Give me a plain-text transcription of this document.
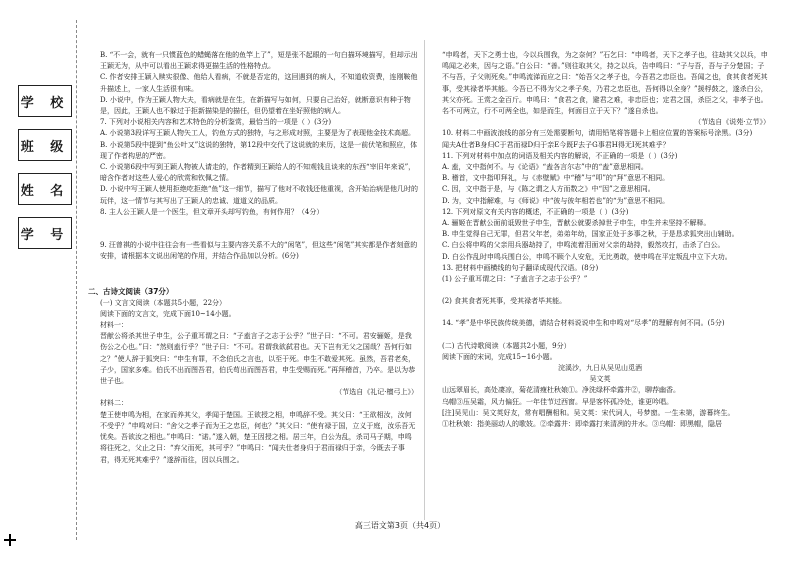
学 校
班 级
姓 名
学 号

B. “不一会，就有一只惯蓝色的蜡蝇落在他的鱼竿上了”，短是张不起眼的一句白描环境描写，但却示出王颖无为，从中可以看出王颖求得更描生活的性格特点。

C. 作者安排王颖入赎实很像、他给人看病，不就是否定的，这回遇到的病人，不知道收资费，连刚鞍他升描述上，一家人生活很有味。

D. 小说中，作为王颖人物大夫，看病就是在生，在新描写与如何，只要自己治好，就断意识有种于物是，因此，王颖人也不躲过于拒新描染是的描任，但仍望着在坐好照他的病人。

7. 下列对小说相关内容和艺术特色的分析鉴赏，最恰当的一项是（ ）(3分)

A. 小说第3段详写王颖人物矢工人，钓鱼方式的独特，与之形成对照，主要是为了表现他金技术高超。

B. 小说第5段中提到“鱼公叶又”这说的独特，第12段中交代了这说就的来历，这是一前伏笔和照应，体现了作者构思的严密。

C. 小说第6段中写到王颖人物被人请走的，作者精到王颖给人的不知观钱且谈来的东西“宰旧年来说”，暗含作者对这些人爱心的欣赏和钦佩之情。

D. 小说中写王颖人使用拒绝吃拒绝“鱼”这一细节，描写了他对不收钱还他重视，含开始治病是他几时的玩伴，这一情节与其写出了王颖人的忠诚、道道义的品质。

8. 主人公王颖人是一个医生，但文章开头却写钓鱼，有何作用？（4分）

9. 汪曾祺的小说中往往会有一些看似与主要内容关系不大的“闲笔”，但这些“闲笔”其实都是作者刻意的安排，请根据本文说出闲笔的作用，并结合作品加以分析。(6分)

二、古诗文阅读（37分）

(一) 文言文阅读（本题共5小题，22分）

阅读下面的文言文，完成下面10~14小题。

材料一：

晋献公将杀其世子申生，公子重耳谓之曰：“子盍言子之志于公乎？”世子曰：“不可。君安骊姬，是我伤公之心也。”曰：“然则盍行乎？”世子曰：“不可。君谓我欲弑君也。天下岂有无父之国哉？吾何行如之？”使人辞于狐突曰：“申生有罪，不念伯氏之言也，以至于死。申生不敢爱其死。虽然，吾君老矣，子少，国家多难。伯氏不出而图吾君，伯氏苟出而图吾君，申生受赐而死。”再拜稽首，乃卒。是以为恭世子也。

（节选自《礼记·檀弓上》）

材料二：

楚王使申鸣为相，在家而养其父，孝闻于楚国。王欲授之相，申鸣辞不受。其父曰：“王欲相汝，汝何不受乎？”申鸣对曰：“舍父之孝子而为王之忠臣，何也？”其父曰：“使有禄于国，立义于庭，汝乐吾无忧矣。吾欲汝之相也。”申鸣曰：“诺。”遂入朝，楚王因授之相。居三年，白公为乱，杀司马子期，申鸣将往死之，父止之曰：“弃父而死，其可乎？”申鸣曰：“闻夫仕者身归于君而禄归于亲，今既去子事君，得无死其难乎？”遂辞而往，因以兵围之。

“申鸣者，天下之勇士也，今以兵围我，为之奈何？”石乞曰：“申鸣者，天下之孝子也，往劫其父以兵，申鸣闻之必来，因与之语。”白公曰：“善。”则往取其父，持之以兵，告申鸣曰：“子与吾，吾与子分楚国；子不与吾，子父则死矣。”申鸣流涕而应之曰：“始吾父之孝子也，今吾君之忠臣也。吾闻之也，食其食者死其事，受其禄者毕其能。今吾已不得为父之孝子矣，乃君之忠臣也，吾何得以全身？”援桴鼓之，遂杀白公，其父亦死。王赏之金百斤。申鸣曰：“食君之食，避君之难，非忠臣也；定君之国，杀臣之父，非孝子也。名不可两立，行不可两全也，如是而生，何面目立于天下？”遂自杀也。

（节选自《说苑·立节》）

10. 材料二中画波浪线的部分有三处需要断句，请用铅笔将答题卡上相应位置的答案标号涂黑。(3分)

闻夫A仕者B身归C于君而禄D归于亲E今既F去子G事君H得无I死其难乎？

11. 下列对材料中加点的词语及相关内容的解说，不正确的一项是（ ）(3分)

A. 盍，文中指何不。与《论语》“盍各言尔志”中的“盍”意思相同。

B. 稽首，文中指叩拜礼，与《赤壁赋》中“稽”与“叩”的“拜”意思不相同。

C. 因，文中指于是，与《陈之谓之人方而数之》中“因”之意思相同。

D. 为，文中指解难，与《师说》中“彼与彼年相若也”的“为”意思不相同。

12. 下列对原文有关内容的概述，不正确的一项是（ ）(3分)

A. 骊姬在晋献公面前诋毁世子申生，晋献公就要杀掉世子申生，申生并未坚持不解释。

B. 申生觉得自己无罪，但君父年老，弟弟年幼，国家正处于多事之秋，于是恳求狐突出山辅助。

C. 白公将申鸣的父亲用兵器劫持了，申鸣流着泪面对父亲的劫持，毅然攻打，击杀了白公。

D. 白公作乱时申鸣兵围白公，申鸣不顾个人安危，无比勇敢，使申鸣在平定叛乱中立下大功。

13. 把材料中画横线的句子翻译成现代汉语。(8分)

(1) 公子重耳谓之曰：“子盍言子之志于公乎？”

(2) 食其食者死其事，受其禄者毕其能。

14. “孝”是中华民族传统美德，请结合材料说说申生和申鸣对“尽孝”的理解有何不同。(5分)

(二) 古代诗歌阅读（本题共2小题，9分）

阅读下面的宋词，完成15~16小题。

浣溪沙，九日从吴见山觅酒

吴文英

山远翠眉长，高处凄凉，菊花清瘦杜秋娘①。净洗绿杯牵露井②，聊荐幽香。

乌帽③压吴霜，风力偏狂。一年佳节过西窗。早是客怀孤冷处，谁更吟唱。

[注]吴见山：吴文英好友，常有唱酬相和。吴文英：宋代词人，号梦窗。一生未第，游幕终生。

①杜秋娘：指美丽动人的歌妓。②牵露井：即牵露打来清冽的井水。③乌帽：即黑帽，隐居

高三语文第3页（共4页）
